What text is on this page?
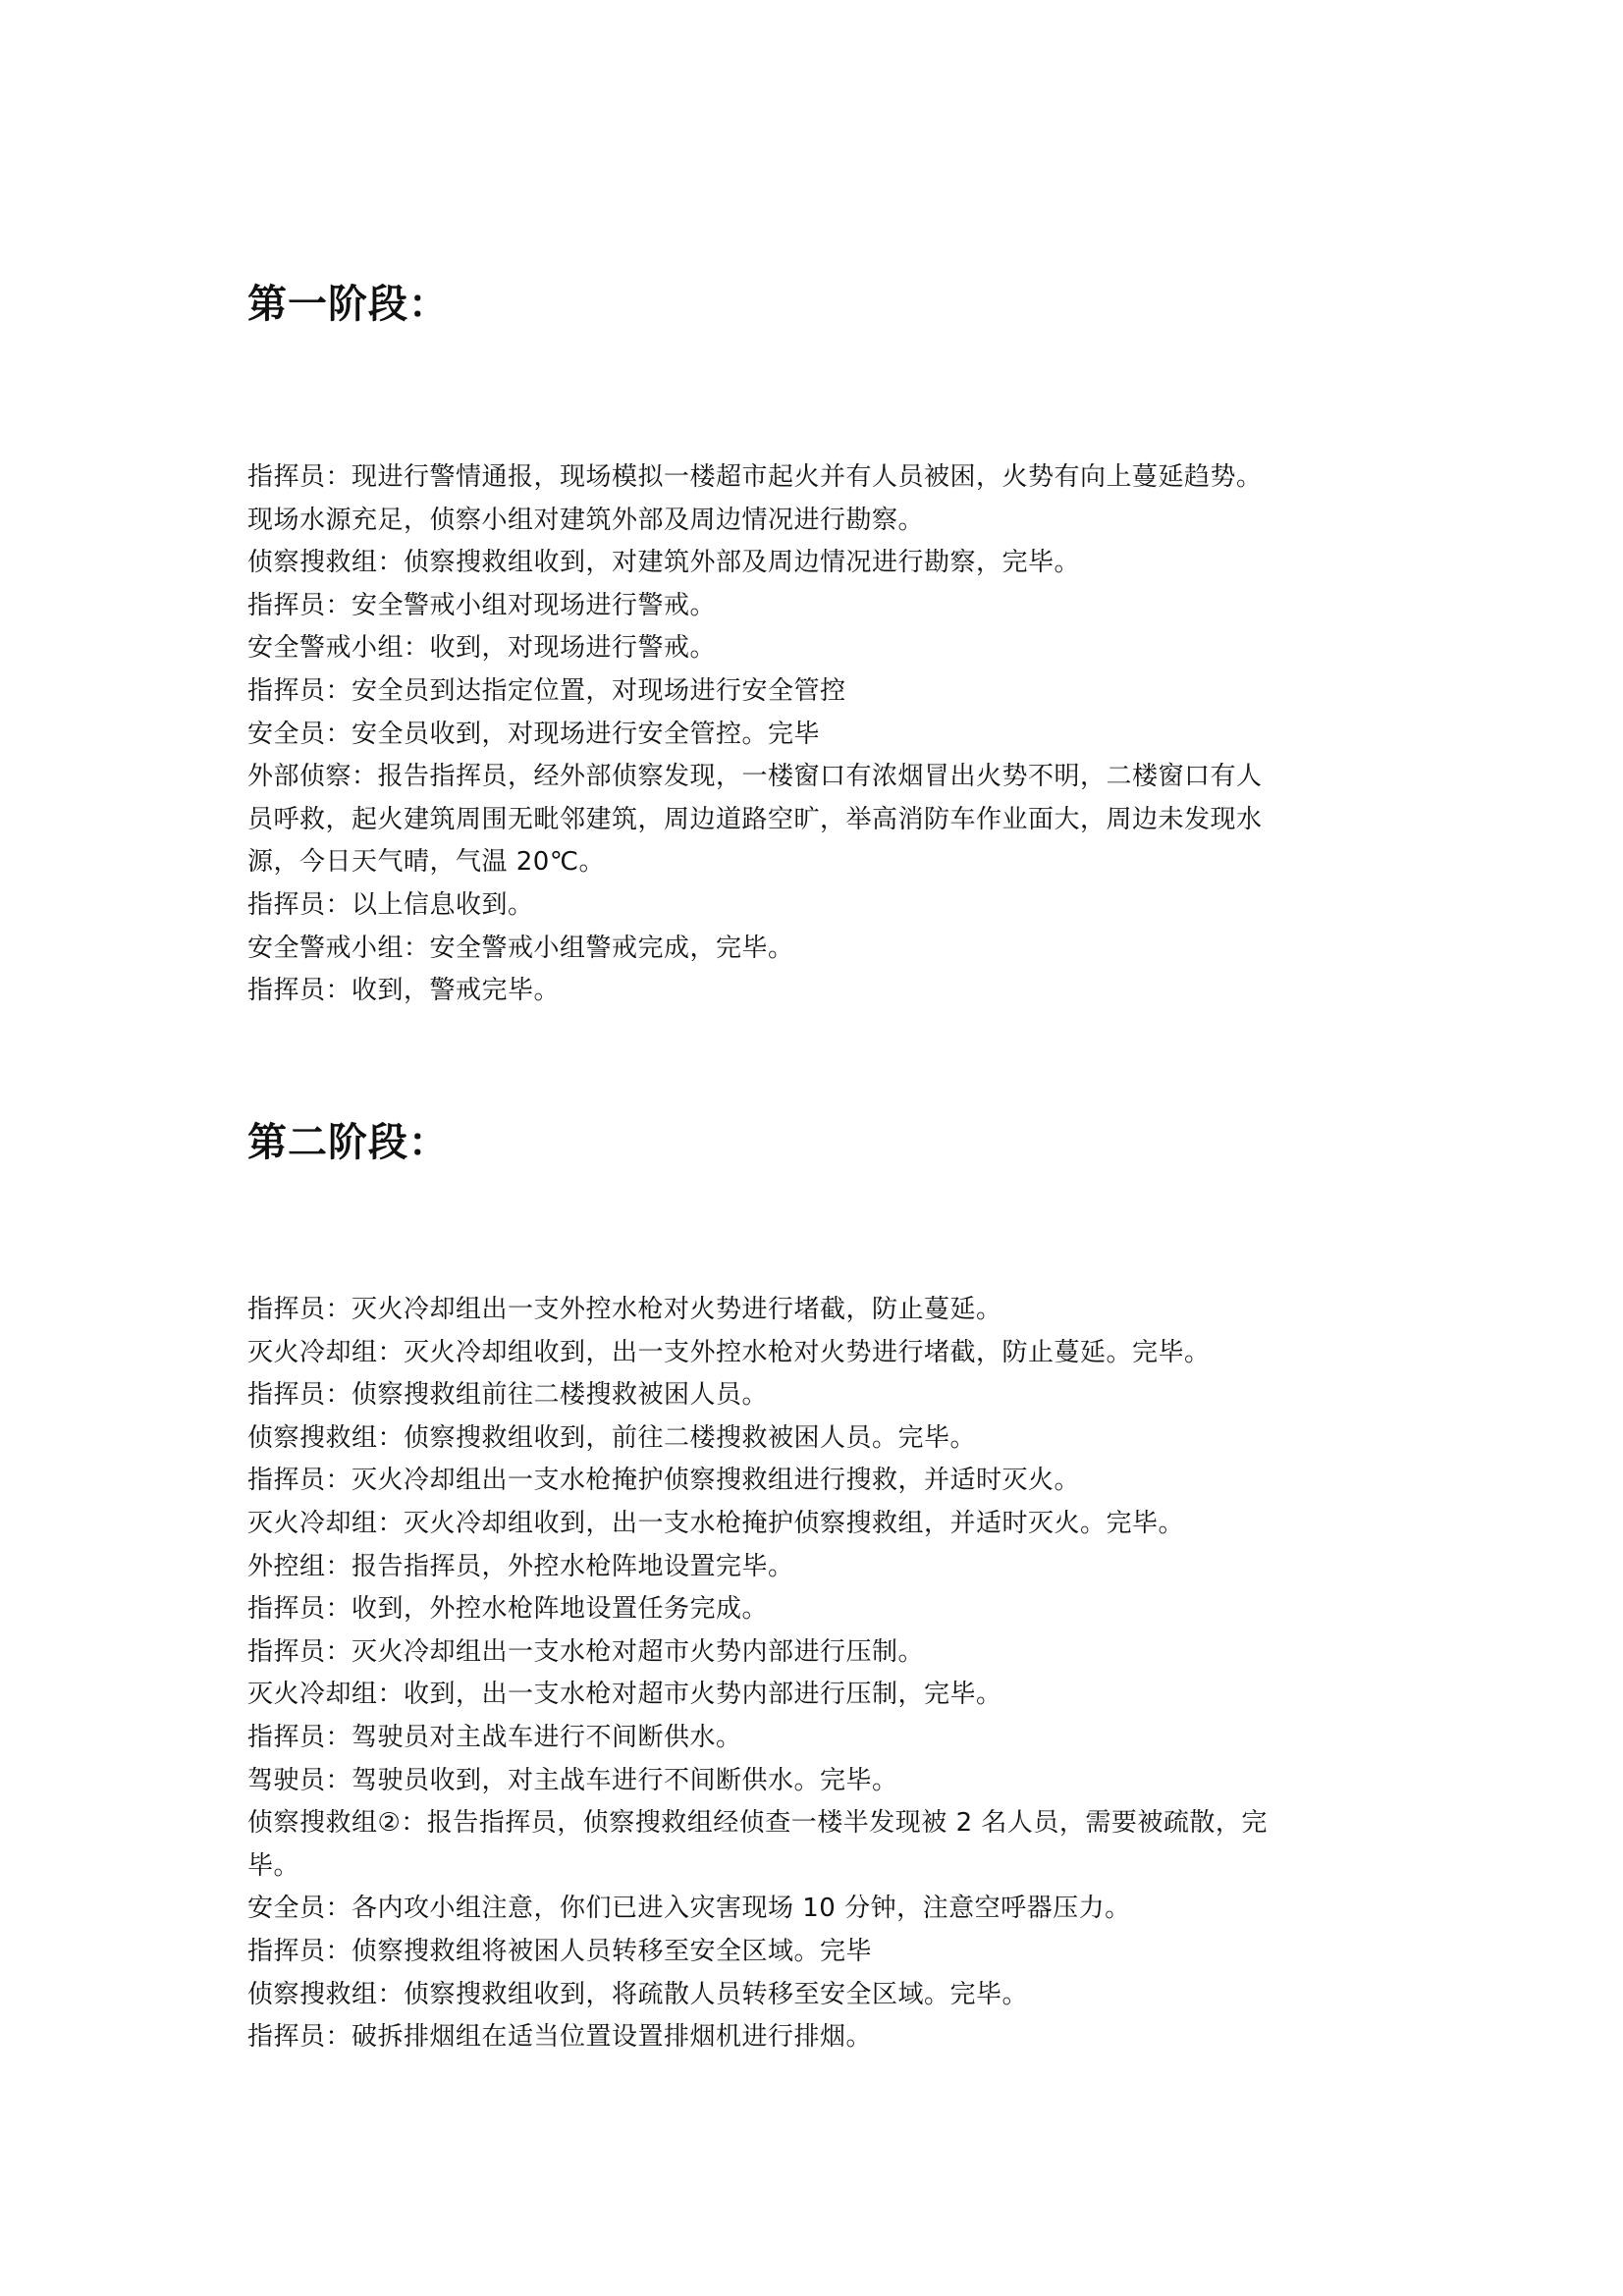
第一阶段：
指挥员：现进行警情通报，现场模拟一楼超市起火并有人员被困，火势有向上蔓延趋势。
现场水源充足，侦察小组对建筑外部及周边情况进行勘察。
侦察搜救组：侦察搜救组收到，对建筑外部及周边情况进行勘察，完毕。
指挥员：安全警戒小组对现场进行警戒。
安全警戒小组：收到，对现场进行警戒。
指挥员：安全员到达指定位置，对现场进行安全管控
安全员：安全员收到，对现场进行安全管控。完毕
外部侦察：报告指挥员，经外部侦察发现，一楼窗口有浓烟冒出火势不明，二楼窗口有人
员呼救，起火建筑周围无毗邻建筑，周边道路空旷，举高消防车作业面大，周边未发现水
源，今日天气晴，气温 20℃。
指挥员：以上信息收到。
安全警戒小组：安全警戒小组警戒完成，完毕。
指挥员：收到，警戒完毕。
第二阶段：
指挥员：灭火冷却组出一支外控水枪对火势进行堵截，防止蔓延。
灭火冷却组：灭火冷却组收到，出一支外控水枪对火势进行堵截，防止蔓延。完毕。
指挥员：侦察搜救组前往二楼搜救被困人员。
侦察搜救组：侦察搜救组收到，前往二楼搜救被困人员。完毕。
指挥员：灭火冷却组出一支水枪掩护侦察搜救组进行搜救，并适时灭火。
灭火冷却组：灭火冷却组收到，出一支水枪掩护侦察搜救组，并适时灭火。完毕。
外控组：报告指挥员，外控水枪阵地设置完毕。
指挥员：收到，外控水枪阵地设置任务完成。
指挥员：灭火冷却组出一支水枪对超市火势内部进行压制。
灭火冷却组：收到，出一支水枪对超市火势内部进行压制，完毕。
指挥员：驾驶员对主战车进行不间断供水。
驾驶员：驾驶员收到，对主战车进行不间断供水。完毕。
侦察搜救组②：报告指挥员，侦察搜救组经侦查一楼半发现被 2 名人员，需要被疏散，完
毕。
安全员：各内攻小组注意，你们已进入灾害现场 10 分钟，注意空呼器压力。
指挥员：侦察搜救组将被困人员转移至安全区域。完毕
侦察搜救组：侦察搜救组收到，将疏散人员转移至安全区域。完毕。
指挥员：破拆排烟组在适当位置设置排烟机进行排烟。
